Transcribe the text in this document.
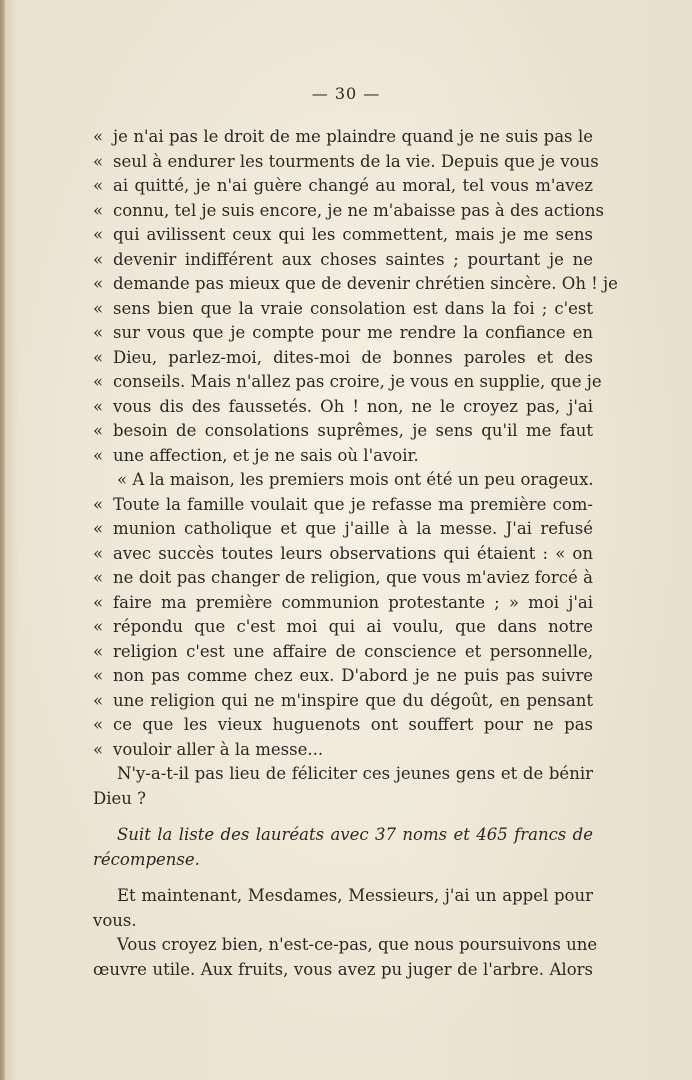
— 30 —
« je n'ai pas le droit de me plaindre quand je ne suis pas le
« seul à endurer les tourments de la vie. Depuis que je vous
« ai quitté, je n'ai guère changé au moral, tel vous m'avez
« connu, tel je suis encore, je ne m'abaisse pas à des actions
« qui avilissent ceux qui les commettent, mais je me sens
« devenir indifférent aux choses saintes ; pourtant je ne
« demande pas mieux que de devenir chrétien sincère. Oh ! je
« sens bien que la vraie consolation est dans la foi ; c'est
« sur vous que je compte pour me rendre la confiance en
« Dieu, parlez-moi, dites-moi de bonnes paroles et des
« conseils. Mais n'allez pas croire, je vous en supplie, que je
« vous dis des faussetés. Oh ! non, ne le croyez pas, j'ai
« besoin de consolations suprêmes, je sens qu'il me faut
« une affection, et je ne sais où l'avoir.
« A la maison, les premiers mois ont été un peu orageux.
« Toute la famille voulait que je refasse ma première com-
« munion catholique et que j'aille à la messe. J'ai refusé
« avec succès toutes leurs observations qui étaient : « on
« ne doit pas changer de religion, que vous m'aviez forcé à
« faire ma première communion protestante ; » moi j'ai
« répondu que c'est moi qui ai voulu, que dans notre
« religion c'est une affaire de conscience et personnelle,
« non pas comme chez eux. D'abord je ne puis pas suivre
« une religion qui ne m'inspire que du dégoût, en pensant
« ce que les vieux huguenots ont souffert pour ne pas
« vouloir aller à la messe...
N'y-a-t-il pas lieu de féliciter ces jeunes gens et de bénir
Dieu ?
Suit la liste des lauréats avec 37 noms et 465 francs de
récompense.
Et maintenant, Mesdames, Messieurs, j'ai un appel pour
vous.
Vous croyez bien, n'est-ce-pas, que nous poursuivons une
œuvre utile. Aux fruits, vous avez pu juger de l'arbre. Alors
